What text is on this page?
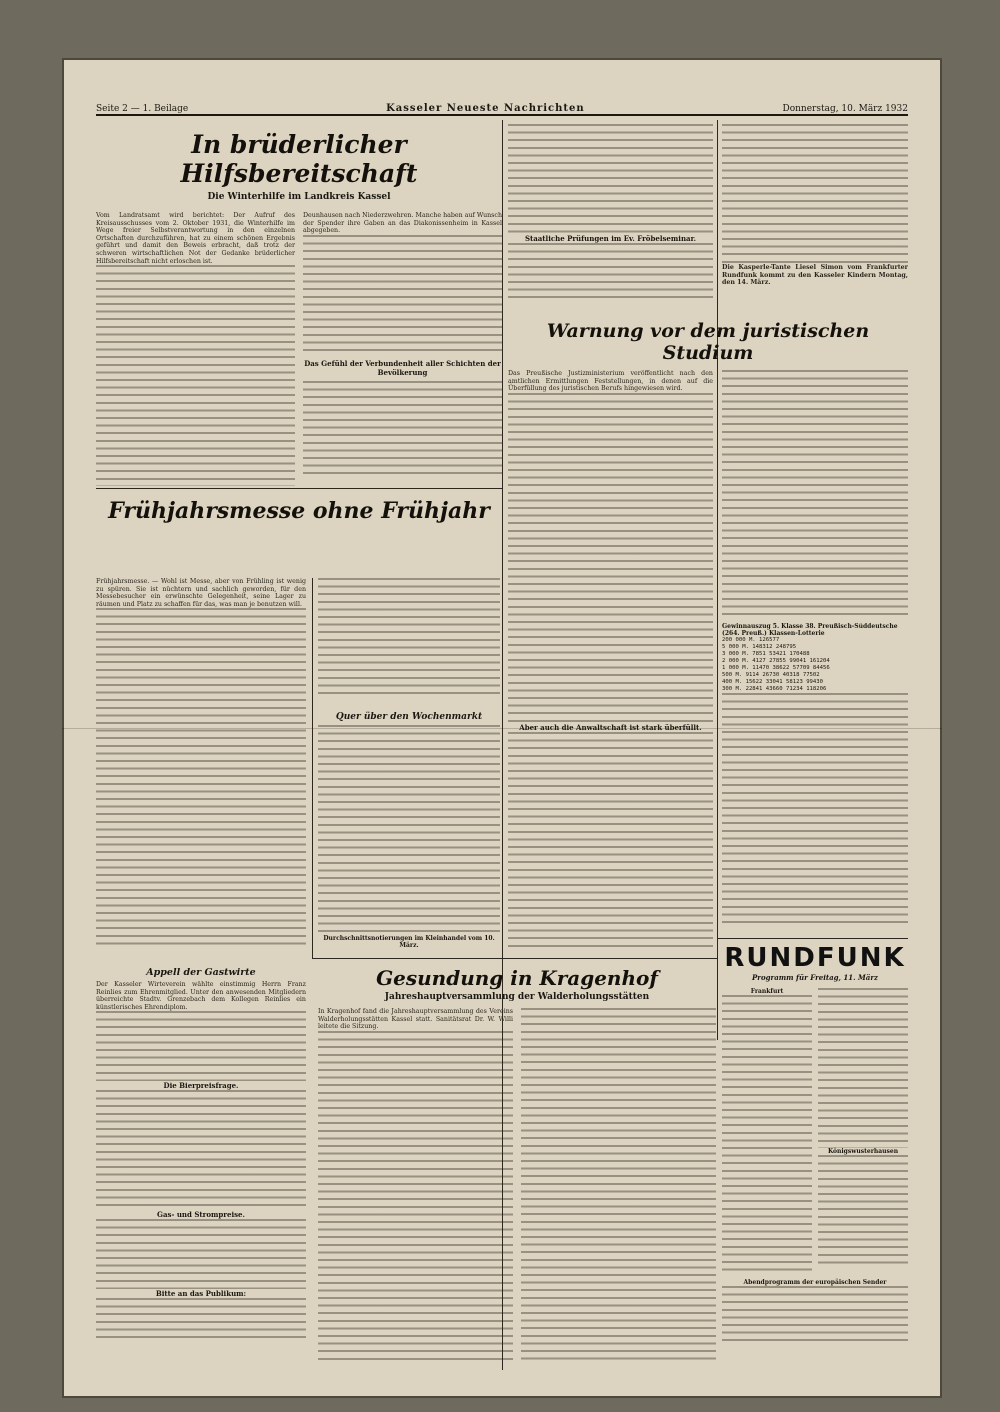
Seite 2 — 1. Beilage	Kasseler Neueste Nachrichten	Donnerstag, 10. März 1932
In brüderlicher Hilfsbereitschaft
Die Winterhilfe im Landkreis Kassel
Vom Landratsamt wird berichtet: Der Aufruf des Kreisausschusses vom 2. Oktober 1931, die Winterhilfe im Wege freier Selbstverantwortung in den einzelnen Ortschaften durchzuführen, hat zu einem schönen Ergebnis geführt und damit den Beweis erbracht, daß trotz der schweren wirtschaftlichen Not der Gedanke brüderlicher Hilfsbereitschaft nicht erloschen ist.
Deunhausen nach Niederzwehren. Manche haben auf Wunsch der Spender ihre Gaben an das Diakonissenheim in Kassel abgegeben.
Das Gefühl der Verbundenheit aller Schichten der Bevölkerung
Frühjahrsmesse ohne Frühjahr
Frühjahrsmesse. — Wohl ist Messe, aber von Frühling ist wenig zu spüren. Sie ist nüchtern und sachlich geworden, für den Messebesucher ein erwünschte Gelegenheit, seine Lager zu räumen und Platz zu schaffen für das, was man je benutzen will.
Quer über den Wochenmarkt
Durchschnittsnotierungen im Kleinhandel vom 10. März.
Appell der Gastwirte
Der Kasseler Wirteverein wählte einstimmig Herrn Franz Reinlies zum Ehrenmitglied. Unter den anwesenden Mitgliedern überreichte Stadtv. Grenzebach dem Kollegen Reinlies ein künstlerisches Ehrendiplom.
Die Bierpreisfrage.
Gas- und Strompreise.
Bitte an das Publikum:
Gesundung in Kragenhof
Jahreshauptversammlung der Walderholungsstätten
In Kragenhof fand die Jahreshauptversammlung des Vereins Walderholungsstätten Kassel statt. Sanitätsrat Dr. W. Willi leitete die Sitzung.
Staatliche Prüfungen im Ev. Fröbelseminar.
Die Kasperle-Tante Liesel Simon vom Frankfurter Rundfunk kommt zu den Kasseler Kindern Montag, den 14. März.
Warnung vor dem juristischen Studium
Das Preußische Justizministerium veröffentlicht nach den amtlichen Ermittlungen Feststellungen, in denen auf die Überfüllung des juristischen Berufs hingewiesen wird.
Aber auch die Anwaltschaft ist stark überfüllt.
Gewinnauszug 5. Klasse 38. Preußisch-Süddeutsche (264. Preuß.) Klassen-Lotterie
200 000 M. 126577
5 000 M. 148312 248795
3 000 M. 7851 53421 170488
2 000 M. 4127 27855 99041 161204
1 000 M. 11470 38622 57709 84456
500 M. 9114 26730 40318 77502
400 M. 15622 33041 58123 99430
300 M. 22841 43660 71234 118206
RUNDFUNK
Programm für Freitag, 11. März
Frankfurt
Königswusterhausen
Abendprogramm der europäischen Sender
